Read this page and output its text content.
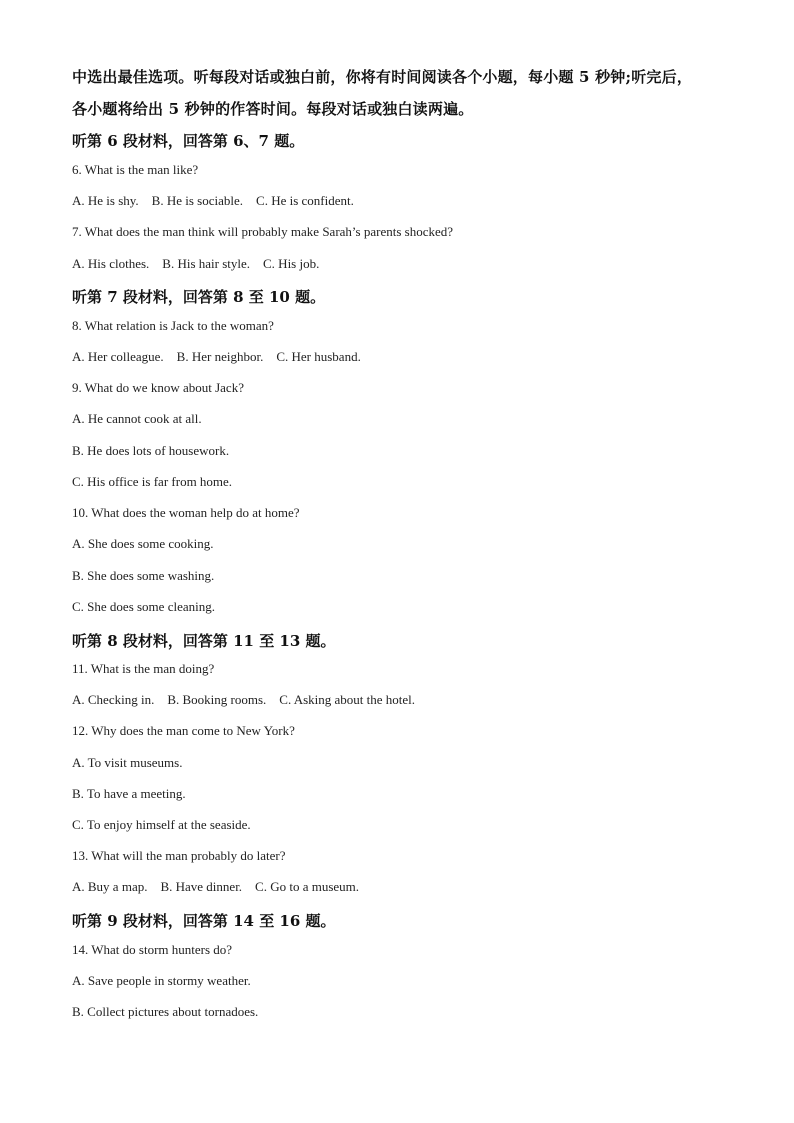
中选出最佳选项。听每段对话或独白前，你将有时间阅读各个小题，每小题 5 秒钟;听完后，
各小题将给出 5 秒钟的作答时间。每段对话或独白读两遍。
听第 6 段材料，回答第 6、7 题。
6. What is the man like?
A. He is shy.    B. He is sociable.    C. He is confident.
7. What does the man think will probably make Sarah’s parents shocked?
A. His clothes.    B. His hair style.    C. His job.
听第 7 段材料，回答第 8 至 10 题。
8. What relation is Jack to the woman?
A. Her colleague.    B. Her neighbor.    C. Her husband.
9. What do we know about Jack?
A. He cannot cook at all.
B. He does lots of housework.
C. His office is far from home.
10. What does the woman help do at home?
A. She does some cooking.
B. She does some washing.
C. She does some cleaning.
听第 8 段材料，回答第 11 至 13 题。
11. What is the man doing?
A. Checking in.    B. Booking rooms.    C. Asking about the hotel.
12. Why does the man come to New York?
A. To visit museums.
B. To have a meeting.
C. To enjoy himself at the seaside.
13. What will the man probably do later?
A. Buy a map.    B. Have dinner.    C. Go to a museum.
听第 9 段材料，回答第 14 至 16 题。
14. What do storm hunters do?
A. Save people in stormy weather.
B. Collect pictures about tornadoes.
